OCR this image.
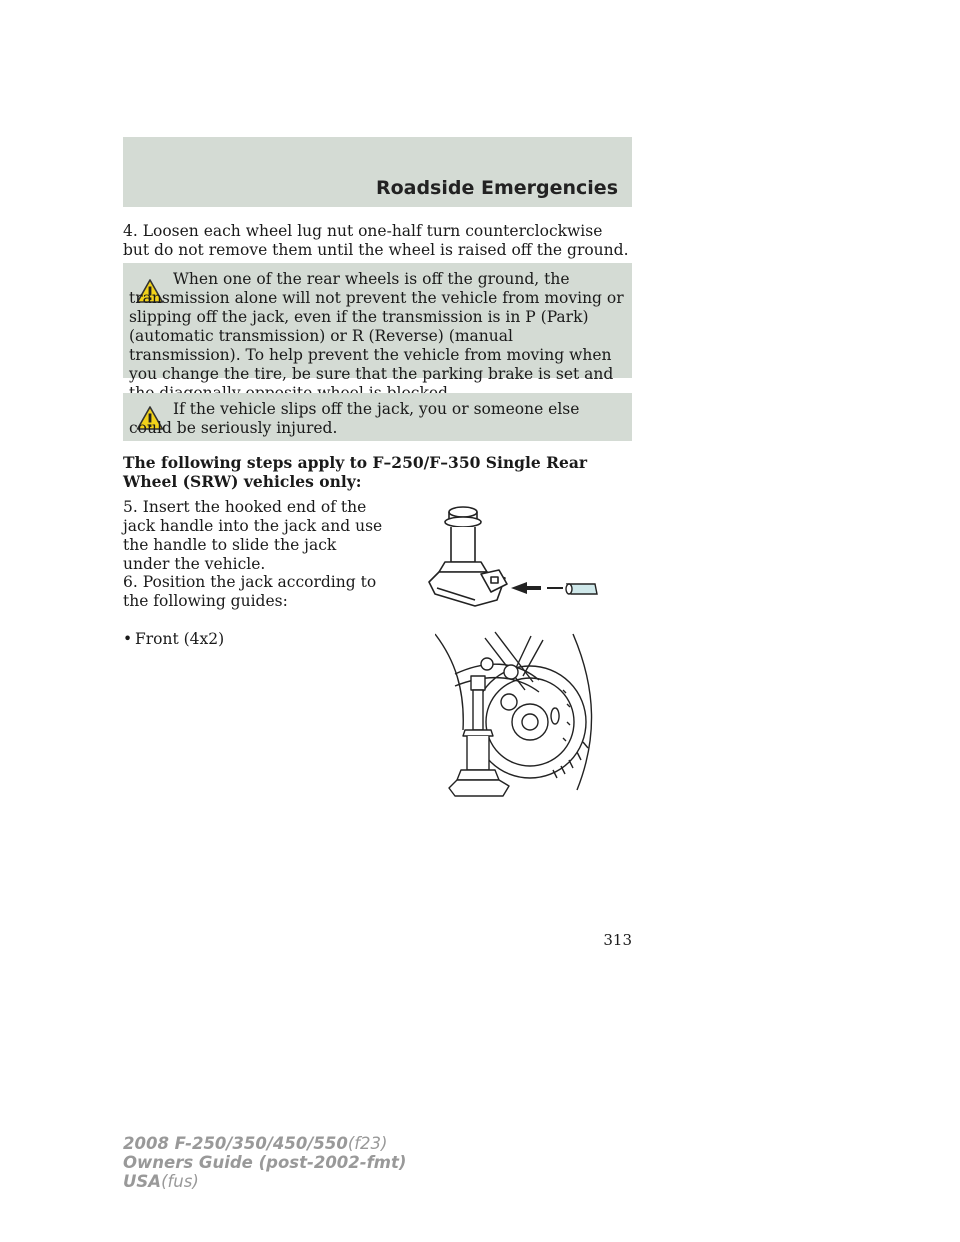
Roadside Emergencies
4. Loosen each wheel lug nut one-half turn counterclockwise but do not remove them until the wheel is raised off the ground.
When one of the rear wheels is off the ground, the transmission alone will not prevent the vehicle from moving or slipping off the jack, even if the transmission is in P (Park) (automatic transmission) or R (Reverse) (manual transmission). To help prevent the vehicle from moving when you change the tire, be sure that the parking brake is set and
If the vehicle slips off the jack, you or someone else could be seriously injured.
The following steps apply to F–250/F–350 Single Rear Wheel (SRW) vehicles only:
5. Insert the hooked end of the jack handle into the jack and use the handle to slide the jack under the vehicle.
6. Position the jack according to the following guides:
• Front (4x2)
313
2008 F-250/350/450/550(f23)
Owners Guide (post-2002-fmt)
USA(fus)
